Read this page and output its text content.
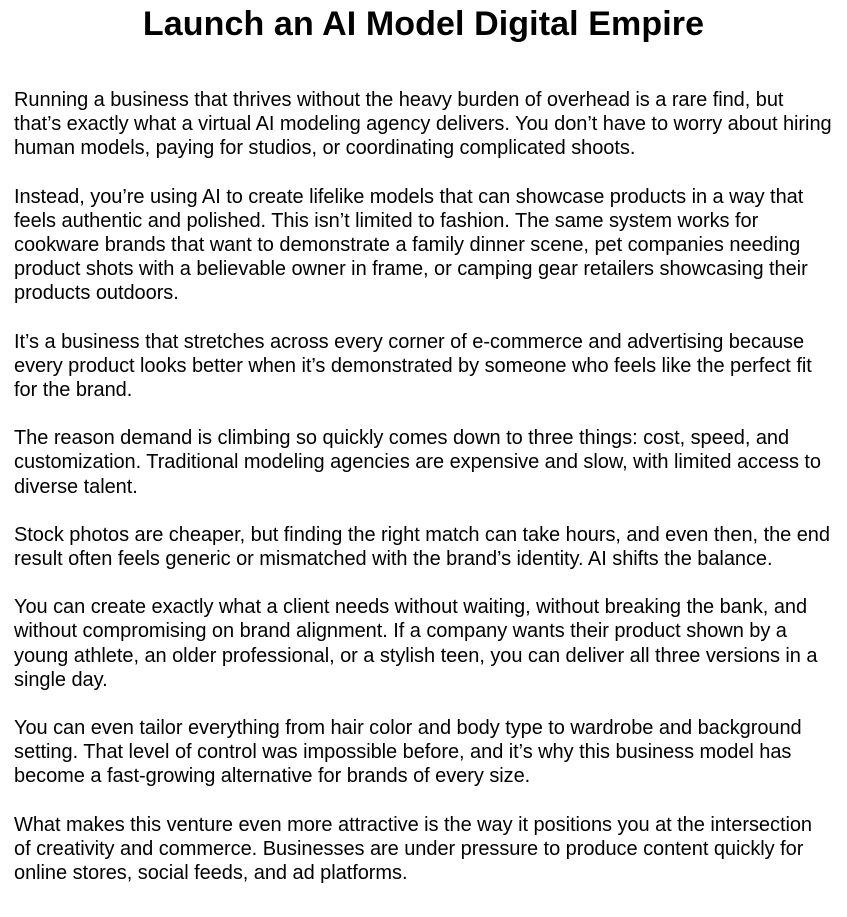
Launch an AI Model Digital Empire

Running a business that thrives without the heavy burden of overhead is a rare find, but that’s exactly what a virtual AI modeling agency delivers. You don’t have to worry about hiring human models, paying for studios, or coordinating complicated shoots.

Instead, you’re using AI to create lifelike models that can showcase products in a way that feels authentic and polished. This isn’t limited to fashion. The same system works for cookware brands that want to demonstrate a family dinner scene, pet companies needing product shots with a believable owner in frame, or camping gear retailers showcasing their products outdoors.

It’s a business that stretches across every corner of e-commerce and advertising because every product looks better when it’s demonstrated by someone who feels like the perfect fit for the brand.

The reason demand is climbing so quickly comes down to three things: cost, speed, and customization. Traditional modeling agencies are expensive and slow, with limited access to diverse talent.

Stock photos are cheaper, but finding the right match can take hours, and even then, the end result often feels generic or mismatched with the brand’s identity. AI shifts the balance.

You can create exactly what a client needs without waiting, without breaking the bank, and without compromising on brand alignment. If a company wants their product shown by a young athlete, an older professional, or a stylish teen, you can deliver all three versions in a single day.

You can even tailor everything from hair color and body type to wardrobe and background setting. That level of control was impossible before, and it’s why this business model has become a fast-growing alternative for brands of every size.

What makes this venture even more attractive is the way it positions you at the intersection of creativity and commerce. Businesses are under pressure to produce content quickly for online stores, social feeds, and ad platforms.
